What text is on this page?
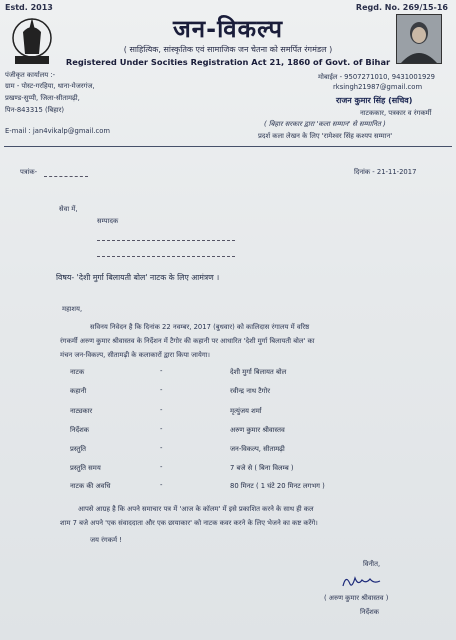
Estd. 2013	Regd. No. 269/15-16
जन-विकल्प
( साहित्यिक, सांस्कृतिक एवं सामाजिक जन चेतना को समर्पित रंगमंडल )
Registered Under Socities Registration Act 21, 1860 of Govt. of Bihar
पंजीकृत कार्यालय :-
ग्राम - पोस्ट-गरहिया, थाना-मेजरगंज,
प्रखण्ड-सुप्पी, जिला-सीतामढ़ी,
पिन-843315 (बिहार)
E-mail : jan4vikalp@gmail.com
मोबाईल - 9507271010, 9431001929
rksingh21987@gmail.com
राजन कुमार सिंह (सचिव)
नाटककार, पत्रकार व रंगकर्मी
( बिहार सरकार द्वारा 'कला सम्मान' से सम्मानित )
प्रदर्श कला लेखन के लिए 'रामेश्वर सिंह कश्यप सम्मान'
पत्रांक-	दिनांक - 21-11-2017
सेवा में,
सम्पादक
विषय- 'देशी मुर्गा बिलायती बोल' नाटक के लिए आमंत्रण ।
महाशय,
सविनय निवेदन है कि दिनांक 22 नवम्बर, 2017 (बुधवार) को कालिदास रंगालय में वरिष्ठ
रंगकर्मी अरुण कुमार श्रीवास्तव के निर्देशन में टैगोर की कहानी पर आधारित 'देशी मुर्गा बिलायती बोल' का
मंचन जन-विकल्प, सीतामढ़ी के कलाकारों द्वारा किया जायेगा।
नाटक	-	देशी मुर्गा बिलायत बोल
कहानी	-	रवीन्द्र नाथ टैगोर
नाट्यकार	-	मृत्युंजय शर्मा
निर्देशक	-	अरुण कुमार श्रीवास्तव
प्रस्तुति	-	जन-विकल्प, सीतामढ़ी
प्रस्तुति समय	-	7 बजे से ( बिना विलम्ब )
नाटक की अवधि	-	80 मिनट ( 1 घंटे 20 मिनट लगभग )
आपसे आग्रह है कि अपने समाचार पत्र में 'आज के कॉलम' में इसे प्रकाशित करने के साथ ही कल
शाम 7 बजे अपने 'एक संवाददाता और एक छायाकार' को नाटक कवर करने के लिए भेजने का कष्ट करेंगे।
जय रंगकर्म !
विनीत,
( अरुण कुमार श्रीवास्तव )
निर्देशक
